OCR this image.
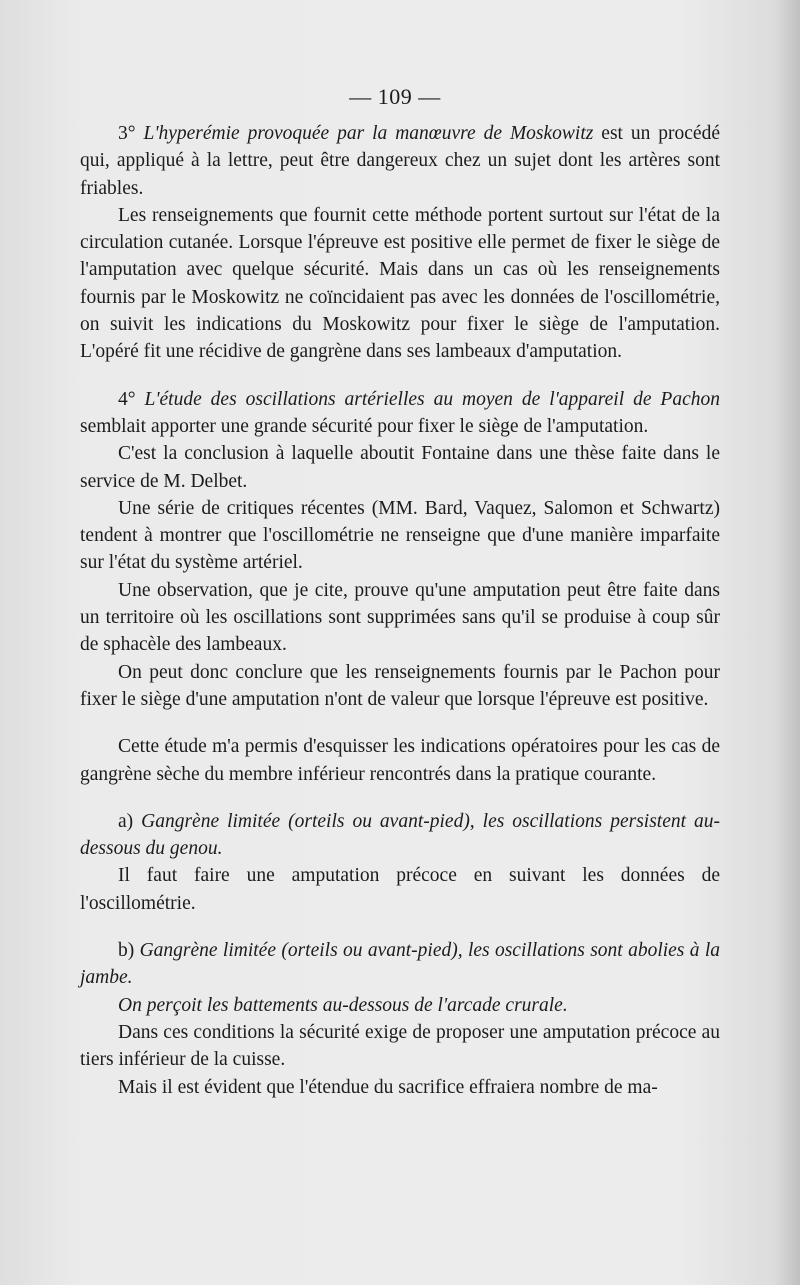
— 109 —

3° L'hyperémie provoquée par la manœuvre de Moskowitz est un procédé qui, appliqué à la lettre, peut être dangereux chez un sujet dont les artères sont friables.

Les renseignements que fournit cette méthode portent surtout sur l'état de la circulation cutanée. Lorsque l'épreuve est positive elle permet de fixer le siège de l'amputation avec quelque sécurité. Mais dans un cas où les renseignements fournis par le Moskowitz ne coïncidaient pas avec les données de l'oscillométrie, on suivit les indications du Moskowitz pour fixer le siège de l'amputation. L'opéré fit une récidive de gangrène dans ses lambeaux d'amputation.

4° L'étude des oscillations artérielles au moyen de l'appareil de Pachon semblait apporter une grande sécurité pour fixer le siège de l'amputation.

C'est la conclusion à laquelle aboutit Fontaine dans une thèse faite dans le service de M. Delbet.

Une série de critiques récentes (MM. Bard, Vaquez, Salomon et Schwartz) tendent à montrer que l'oscillométrie ne renseigne que d'une manière imparfaite sur l'état du système artériel.

Une observation, que je cite, prouve qu'une amputation peut être faite dans un territoire où les oscillations sont supprimées sans qu'il se produise à coup sûr de sphacèle des lambeaux.

On peut donc conclure que les renseignements fournis par le Pachon pour fixer le siège d'une amputation n'ont de valeur que lorsque l'épreuve est positive.

Cette étude m'a permis d'esquisser les indications opératoires pour les cas de gangrène sèche du membre inférieur rencontrés dans la pratique courante.

a) Gangrène limitée (orteils ou avant-pied), les oscillations persistent au-dessous du genou.

Il faut faire une amputation précoce en suivant les données de l'oscillométrie.

b) Gangrène limitée (orteils ou avant-pied), les oscillations sont abolies à la jambe.

On perçoit les battements au-dessous de l'arcade crurale.

Dans ces conditions la sécurité exige de proposer une amputation précoce au tiers inférieur de la cuisse.

Mais il est évident que l'étendue du sacrifice effraiera nombre de ma-
